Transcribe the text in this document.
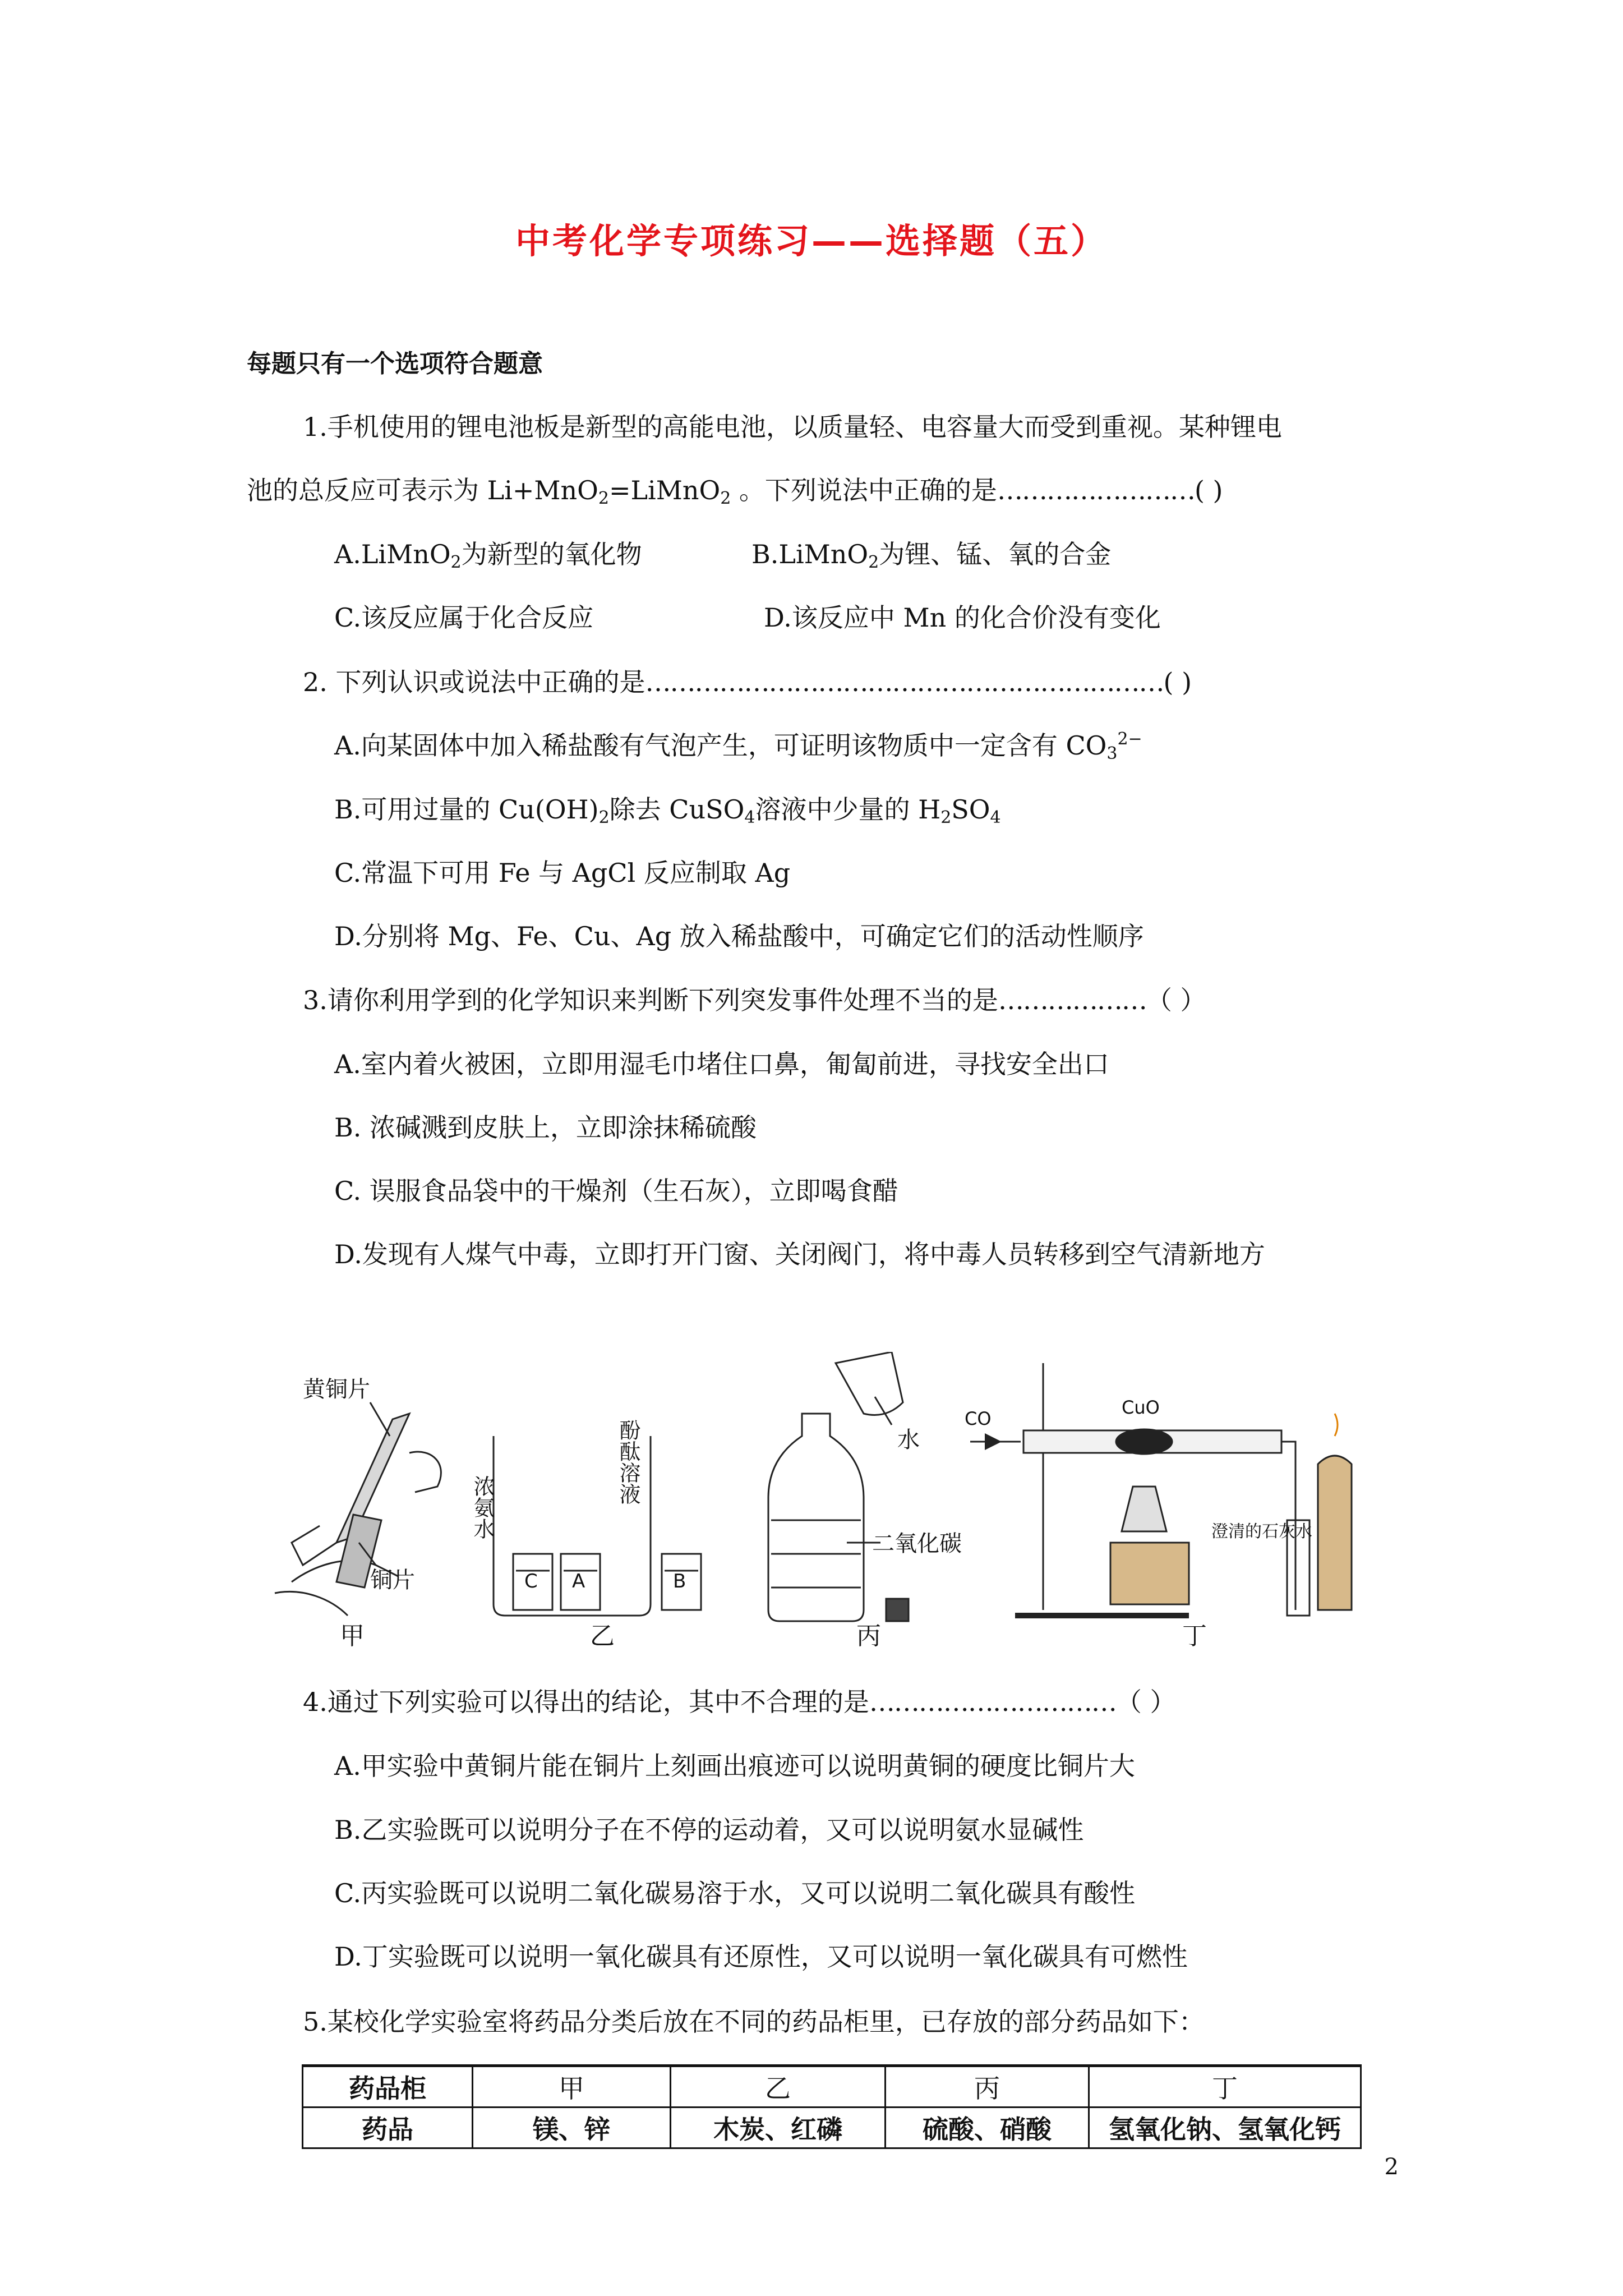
中考化学专项练习——选择题（五）
每题只有一个选项符合题意
1.手机使用的锂电池板是新型的高能电池，以质量轻、电容量大而受到重视。某种锂电
池的总反应可表示为 Li+MnO$_2$=LiMnO$_2$ 。下列说法中正确的是……………………( )
A.LiMnO$_2$为新型的氧化物	B.LiMnO$_2$为锂、锰、氧的合金
C.该反应属于化合反应	D.该反应中 Mn 的化合价没有变化
2. 下列认识或说法中正确的是………………………………………………………( )
A.向某固体中加入稀盐酸有气泡产生，可证明该物质中一定含有 $CO_3^{2-}$
B.可用过量的 $Cu(OH)_2$除去 CuSO$_4$溶液中少量的 $H_2SO_4$
C.常温下可用 Fe 与 AgCl 反应制取 Ag
D.分别将 Mg、Fe、Cu、Ag 放入稀盐酸中，可确定它们的活动性顺序
3.请你利用学到的化学知识来判断下列突发事件处理不当的是………………（ ）
A.室内着火被困，立即用湿毛巾堵住口鼻，匍匐前进，寻找安全出口
B. 浓碱溅到皮肤上，立即涂抹稀硫酸
C. 误服食品袋中的干燥剂（生石灰），立即喝食醋
D.发现有人煤气中毒，立即打开门窗、关闭阀门，将中毒人员转移到空气清新地方
黄铜片
铜片	C A	B
浓氨水
酚酞溶液	水
二氧化碳
CO
CuO
澄清的石灰水
甲	乙	丙	丁
4.通过下列实验可以得出的结论，其中不合理的是…………………………（ ）
A.甲实验中黄铜片能在铜片上刻画出痕迹可以说明黄铜的硬度比铜片大
B.乙实验既可以说明分子在不停的运动着，又可以说明氨水显碱性
C.丙实验既可以说明二氧化碳易溶于水，又可以说明二氧化碳具有酸性
D.丁实验既可以说明一氧化碳具有还原性，又可以说明一氧化碳具有可燃性
5.某校化学实验室将药品分类后放在不同的药品柜里，已存放的部分药品如下：
药品柜	甲	乙	丙	丁
药品	镁、锌	木炭、红磷	硫酸、硝酸	氢氧化钠、氢氧化钙
2
